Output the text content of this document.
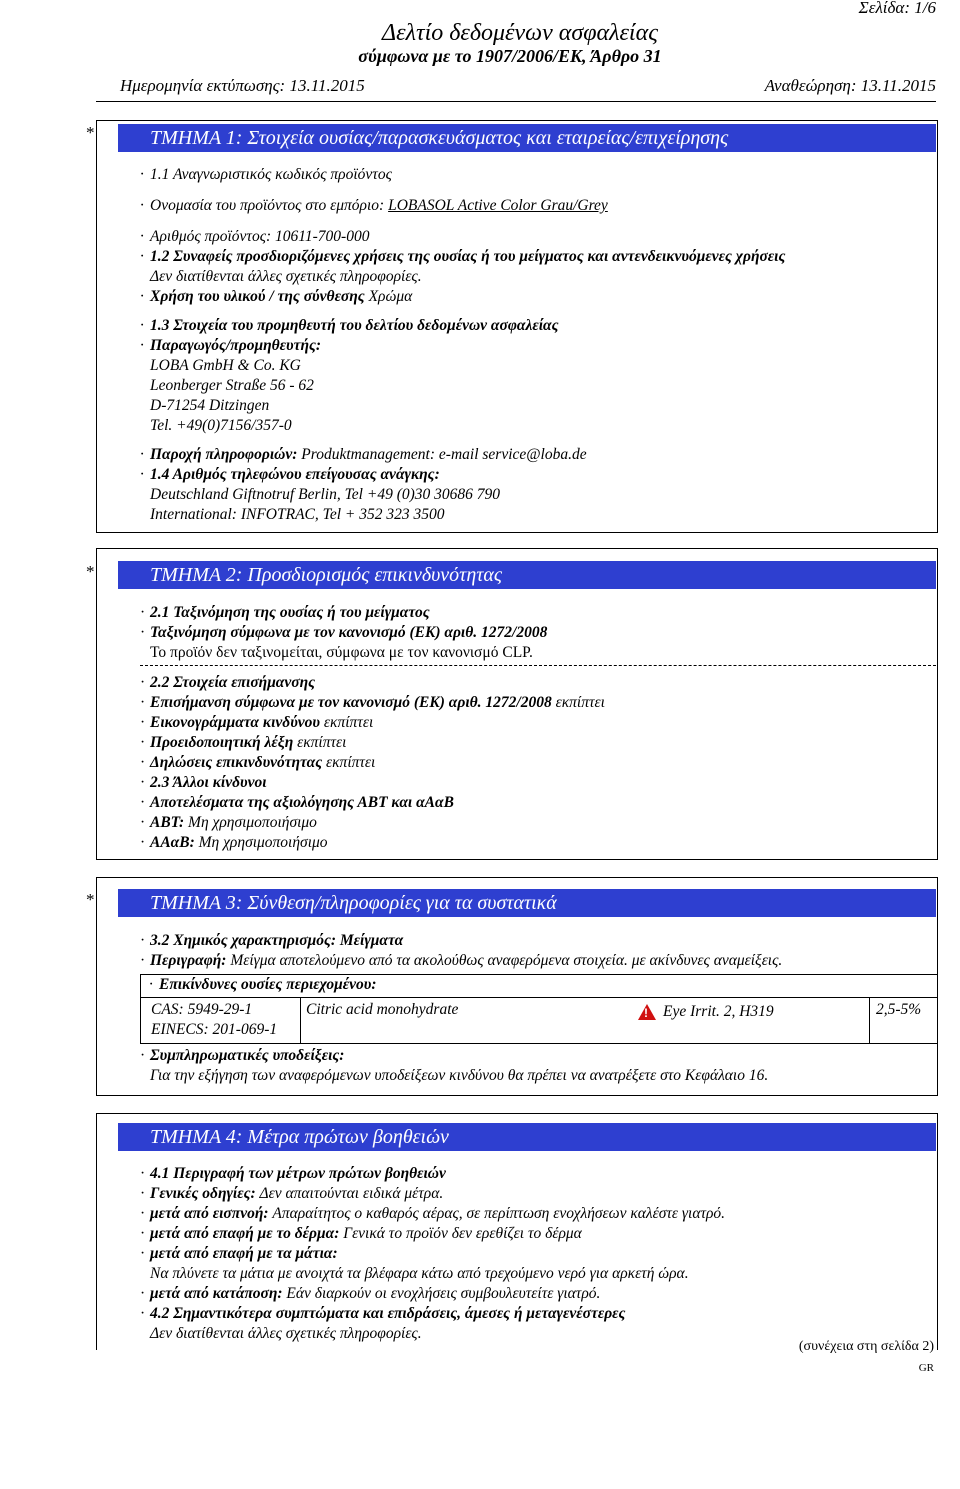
Σελίδα: 1/6
Δελτίο δεδομένων ασφαλείας
σύμφωνα με το 1907/2006/ΕΚ, Άρθρο 31
Ημερομηνία εκτύπωσης: 13.11.2015	Αναθεώρηση: 13.11.2015
*	ΤΜΗΜΑ 1: Στοιχεία ουσίας/παρασκευάσματος και εταιρείας/επιχείρησης
· 1.1 Αναγνωριστικός κωδικός προϊόντος
· Ονομασία του προϊόντος στο εμπόριο: LOBASOL Active Color Grau/Grey
· Αριθμός προϊόντος: 10611-700-000
· 1.2 Συναφείς προσδιοριζόμενες χρήσεις της ουσίας ή του μείγματος και αντενδεικνυόμενες χρήσεις
Δεν διατίθενται άλλες σχετικές πληροφορίες.
· Χρήση του υλικού / της σύνθεσης Χρώμα
· 1.3 Στοιχεία του προμηθευτή του δελτίου δεδομένων ασφαλείας
· Παραγωγός/προμηθευτής:
LOBA GmbH & Co. KG
Leonberger Straße 56 - 62
D-71254 Ditzingen
Tel. +49(0)7156/357-0
· Παροχή πληροφοριών: Produktmanagement: e-mail service@loba.de
· 1.4 Αριθμός τηλεφώνου επείγουσας ανάγκης:
Deutschland Giftnotruf Berlin, Tel +49 (0)30 30686 790
International: INFOTRAC, Tel + 352 323 3500
*	ΤΜΗΜΑ 2: Προσδιορισμός επικινδυνότητας
· 2.1 Ταξινόμηση της ουσίας ή του μείγματος
· Ταξινόμηση σύμφωνα με τον κανονισμό (ΕΚ) αριθ. 1272/2008
Το προϊόν δεν ταξινομείται, σύμφωνα με τον κανονισμό CLP.
· 2.2 Στοιχεία επισήμανσης
· Επισήμανση σύμφωνα με τον κανονισμό (ΕΚ) αριθ. 1272/2008 εκπίπτει
· Εικονογράμματα κινδύνου εκπίπτει
· Προειδοποιητική λέξη εκπίπτει
· Δηλώσεις επικινδυνότητας εκπίπτει
· 2.3 Άλλοι κίνδυνοι
· Αποτελέσματα της αξιολόγησης ΑΒΤ και αΑαΒ
· ΑΒΤ: Μη χρησιμοποιήσιμο
· ΑΑαΒ: Μη χρησιμοποιήσιμο
*	ΤΜΗΜΑ 3: Σύνθεση/πληροφορίες για τα συστατικά
· 3.2 Χημικός χαρακτηρισμός: Μείγματα
· Περιγραφή: Μείγμα αποτελούμενο από τα ακολούθως αναφερόμενα στοιχεία. με ακίνδυνες αναμείξεις.
· Επικίνδυνες ουσίες περιεχομένου:
CAS: 5949-29-1
EINECS: 201-069-1
Citric acid monohydrate
!	Eye Irrit. 2, H319	2,5-5%
· Συμπληρωματικές υποδείξεις:
Για την εξήγηση των αναφερόμενων υποδείξεων κινδύνου θα πρέπει να ανατρέξετε στο Κεφάλαιο 16.
ΤΜΗΜΑ 4: Μέτρα πρώτων βοηθειών
· 4.1 Περιγραφή των μέτρων πρώτων βοηθειών
· Γενικές οδηγίες: Δεν απαιτούνται ειδικά μέτρα.
· μετά από εισπνοή: Απαραίτητος ο καθαρός αέρας, σε περίπτωση ενοχλήσεων καλέστε γιατρό.
· μετά από επαφή με το δέρμα: Γενικά το προϊόν δεν ερεθίζει το δέρμα
· μετά από επαφή με τα μάτια:
Να πλύνετε τα μάτια με ανοιχτά τα βλέφαρα κάτω από τρεχούμενο νερό για αρκετή ώρα.
· μετά από κατάποση: Εάν διαρκούν οι ενοχλήσεις συμβουλευτείτε γιατρό.
· 4.2 Σημαντικότερα συμπτώματα και επιδράσεις, άμεσες ή μεταγενέστερες
Δεν διατίθενται άλλες σχετικές πληροφορίες.
(συνέχεια στη σελίδα 2)
GR
